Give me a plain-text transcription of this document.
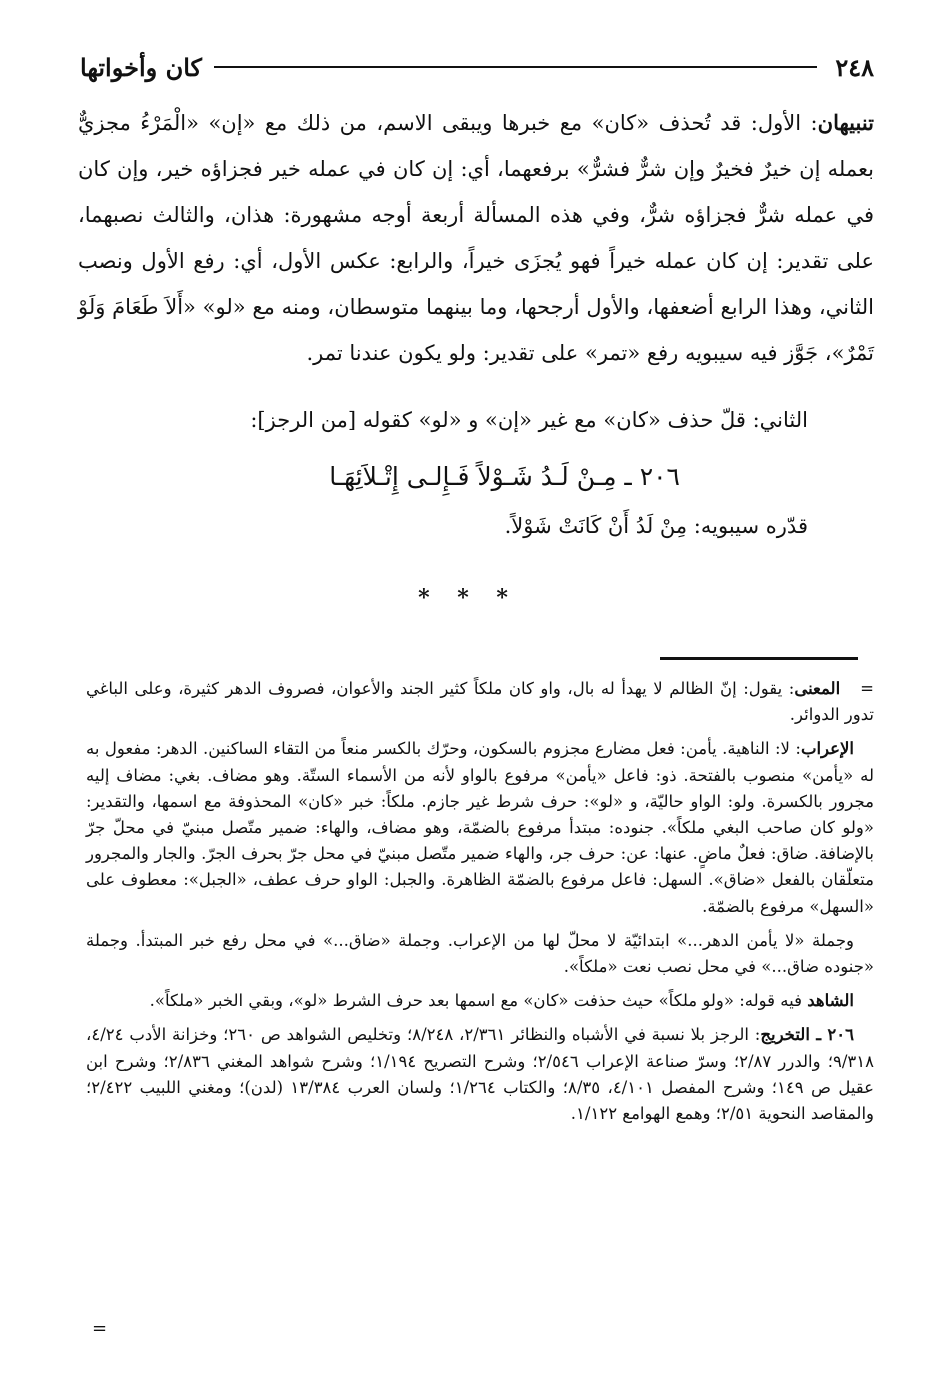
٢٤٨
كان وأخواتها

تنبيهان: الأول: قد تُحذف «كان» مع خبرها ويبقى الاسم، من ذلك مع «إن» «الْمَرْءُ مجزيٌّ بعمله إن خيرٌ فخيرٌ وإن شرٌّ فشرٌّ» برفعهما، أي: إن كان في عمله خير فجزاؤه خير، وإن كان في عمله شرٌّ فجزاؤه شرٌّ، وفي هذه المسألة أربعة أوجه مشهورة: هذان، والثالث نصبهما، على تقدير: إن كان عمله خيراً فهو يُجزَى خيراً، والرابع: عكس الأول، أي: رفع الأول ونصب الثاني، وهذا الرابع أضعفها، والأول أرجحها، وما بينهما متوسطان، ومنه مع «لو» «أَلاَ طَعَامَ وَلَوْ تَمْرٌ»، جَوَّز فيه سيبويه رفع «تمر» على تقدير: ولو يكون عندنا تمر.

الثاني: قلّ حذف «كان» مع غير «إن» و «لو» كقوله [من الرجز]:
٢٠٦ ـ مِـنْ لَـدُ شَـوْلاً فَـإِلـى إِتْـلاَئِهَـا
قدّره سيبويه: مِنْ لَدُ أَنْ كَانَتْ شَوْلاً.
* * *

=المعنى: يقول: إنّ الظالم لا يهدأ له بال، واو كان ملكاً كثير الجند والأعوان، فصروف الدهر كثيرة، وعلى الباغي تدور الدوائر.

الإعراب: لا: الناهية. يأمن: فعل مضارع مجزوم بالسكون، وحرّك بالكسر منعاً من التقاء الساكنين. الدهر: مفعول به له «يأمن» منصوب بالفتحة. ذو: فاعل «يأمن» مرفوع بالواو لأنه من الأسماء الستّة. وهو مضاف. بغي: مضاف إليه مجرور بالكسرة. ولو: الواو حاليّة، و «لو»: حرف شرط غير جازم. ملكاً: خبر «كان» المحذوفة مع اسمها، والتقدير: «ولو كان صاحب البغي ملكاً». جنوده: مبتدأ مرفوع بالضمّة، وهو مضاف، والهاء: ضمير متّصل مبنيّ في محلّ جرّ بالإضافة. ضاق: فعلٌ ماضٍ. عنها: عن: حرف جر، والهاء ضمير متّصل مبنيّ في محل جرّ بحرف الجرّ. والجار والمجرور متعلّقان بالفعل «ضاق». السهل: فاعل مرفوع بالضمّة الظاهرة. والجبل: الواو حرف عطف، «الجبل»: معطوف على «السهل» مرفوع بالضمّة.

وجملة «لا يأمن الدهر...» ابتدائيّة لا محلّ لها من الإعراب. وجملة «ضاق...» في محل رفع خبر المبتدأ. وجملة «جنوده ضاق...» في محل نصب نعت «ملكاً».

الشاهد فيه قوله: «ولو ملكاً» حيث حذفت «كان» مع اسمها بعد حرف الشرط «لو»، وبقي الخبر «ملكاً».

٢٠٦ ـ التخريج: الرجز بلا نسبة في الأشباه والنظائر ٢/٣٦١، ٨/٢٤٨؛ وتخليص الشواهد ص ٢٦٠؛ وخزانة الأدب ٤/٢٤، ٩/٣١٨؛ والدرر ٢/٨٧؛ وسرّ صناعة الإعراب ٢/٥٤٦؛ وشرح التصريح ١/١٩٤؛ وشرح شواهد المغني ٢/٨٣٦؛ وشرح ابن عقيل ص ١٤٩؛ وشرح المفصل ٤/١٠١، ٨/٣٥؛ والكتاب ١/٢٦٤؛ ولسان العرب ١٣/٣٨٤ (لدن)؛ ومغني اللبيب ٢/٤٢٢؛ والمقاصد النحوية ٢/٥١؛ وهمع الهوامع ١/١٢٢.

=
